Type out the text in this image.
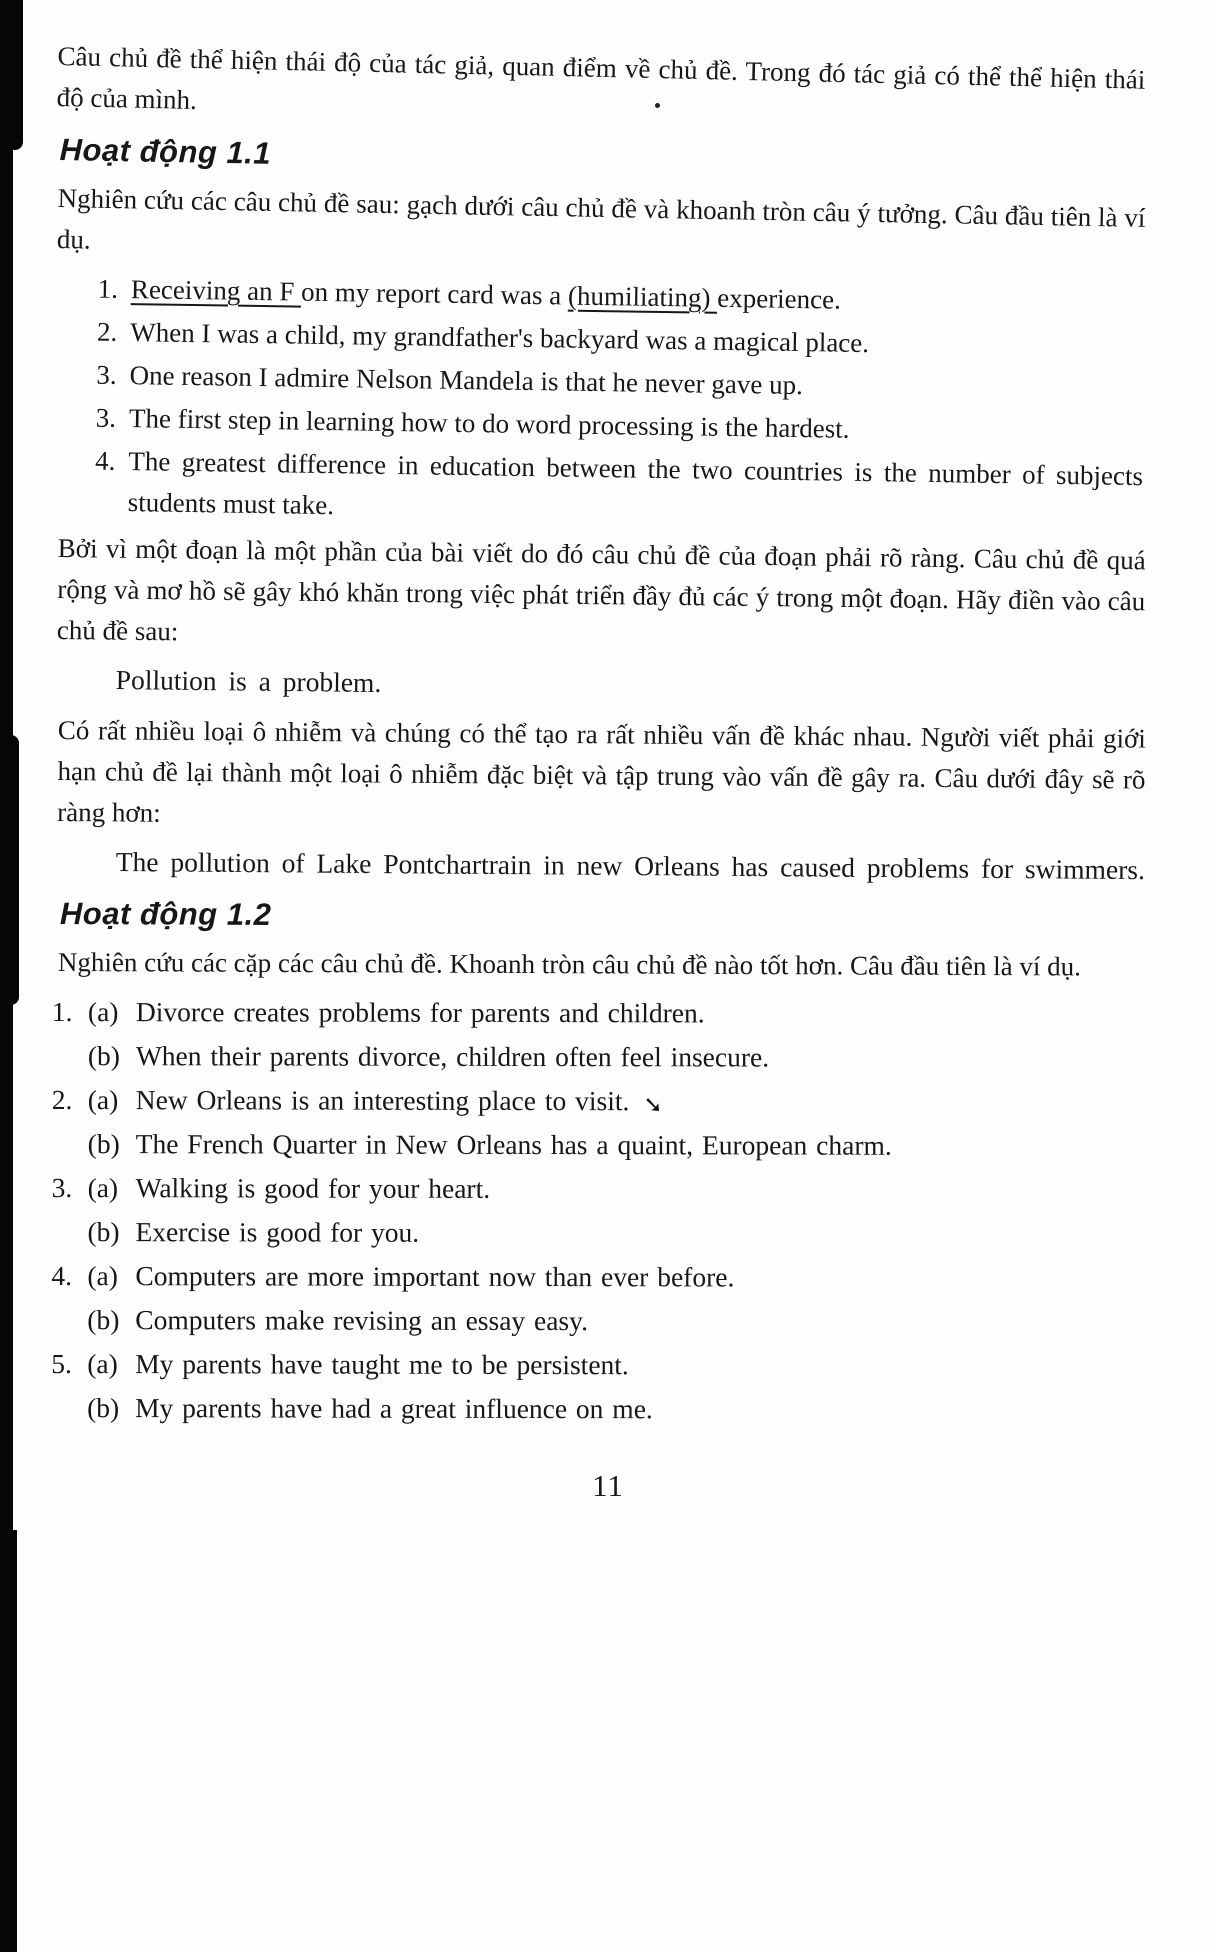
Câu chủ đề thể hiện thái độ của tác giả, quan điểm về chủ đề. Trong đó tác giả có thể thể hiện thái độ của mình.

Hoạt động 1.1

Nghiên cứu các câu chủ đề sau: gạch dưới câu chủ đề và khoanh tròn câu ý tưởng. Câu đầu tiên là ví dụ.

1. Receiving an F on my report card was a (humiliating) experience.
2. When I was a child, my grandfather's backyard was a magical place.
3. One reason I admire Nelson Mandela is that he never gave up.
3. The first step in learning how to do word processing is the hardest.
4. The greatest difference in education between the two countries is the number of subjects students must take.

Bởi vì một đoạn là một phần của bài viết do đó câu chủ đề của đoạn phải rõ ràng. Câu chủ đề quá rộng và mơ hồ sẽ gây khó khăn trong việc phát triển đầy đủ các ý trong một đoạn. Hãy điền vào câu chủ đề sau:

Pollution is a problem.

Có rất nhiều loại ô nhiễm và chúng có thể tạo ra rất nhiều vấn đề khác nhau. Người viết phải giới hạn chủ đề lại thành một loại ô nhiễm đặc biệt và tập trung vào vấn đề gây ra. Câu dưới đây sẽ rõ ràng hơn:

The pollution of Lake Pontchartrain in new Orleans has caused problems for swimmers.

Hoạt động 1.2

Nghiên cứu các cặp các câu chủ đề. Khoanh tròn câu chủ đề nào tốt hơn. Câu đầu tiên là ví dụ.

1. (a) Divorce creates problems for parents and children.
(b) When their parents divorce, children often feel insecure.
2. (a) New Orleans is an interesting place to visit. ➘
(b) The French Quarter in New Orleans has a quaint, European charm.
3. (a) Walking is good for your heart.
(b) Exercise is good for you.
4. (a) Computers are more important now than ever before.
(b) Computers make revising an essay easy.
5. (a) My parents have taught me to be persistent.
(b) My parents have had a great influence on me.
11
